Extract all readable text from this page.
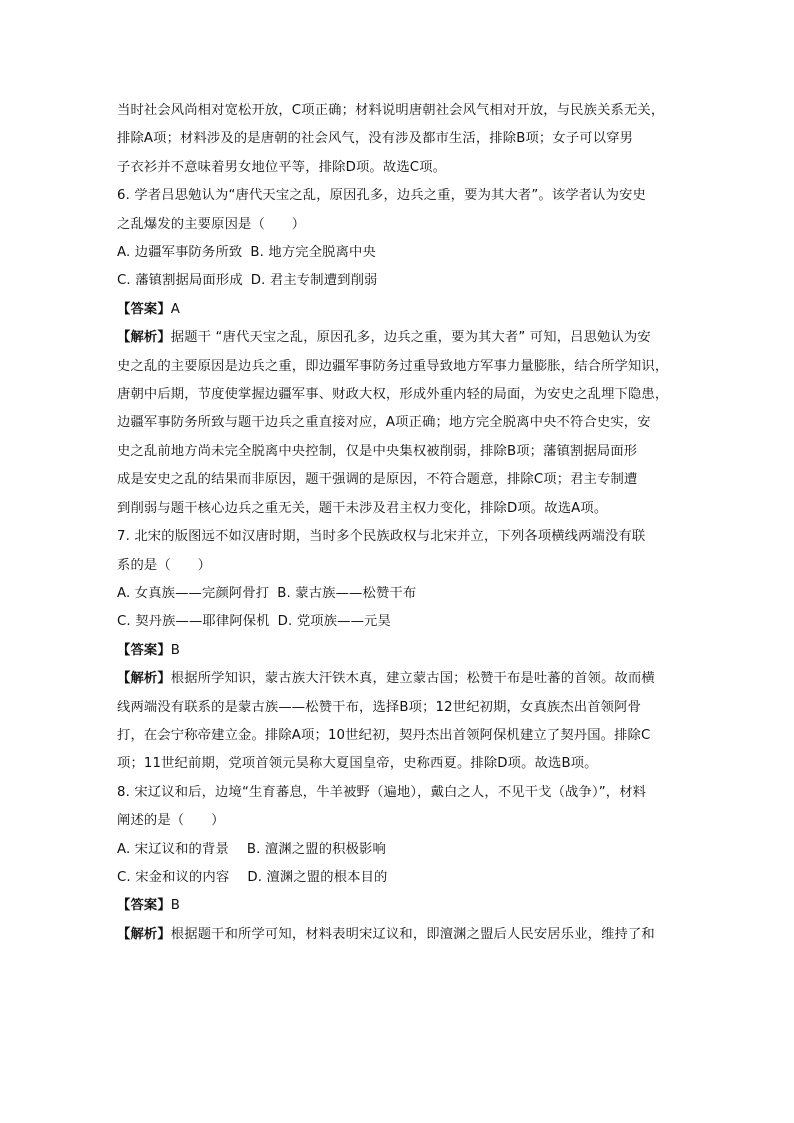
当时社会风尚相对宽松开放，C项正确；材料说明唐朝社会风气相对开放，与民族关系无关，
排除A项；材料涉及的是唐朝的社会风气，没有涉及都市生活，排除B项；女子可以穿男
子衣衫并不意味着男女地位平等，排除D项。故选C项。
6. 学者吕思勉认为“唐代天宝之乱，原因孔多，边兵之重，要为其大者”。该学者认为安史
之乱爆发的主要原因是（　　）
A. 边疆军事防务所致 B. 地方完全脱离中央
C. 藩镇割据局面形成 D. 君主专制遭到削弱
【答案】A
【解析】据题干 “唐代天宝之乱，原因孔多，边兵之重，要为其大者” 可知，吕思勉认为安
史之乱的主要原因是边兵之重，即边疆军事防务过重导致地方军事力量膨胀，结合所学知识，
唐朝中后期，节度使掌握边疆军事、财政大权，形成外重内轻的局面，为安史之乱埋下隐患，
边疆军事防务所致与题干边兵之重直接对应，A项正确；地方完全脱离中央不符合史实，安
史之乱前地方尚未完全脱离中央控制，仅是中央集权被削弱，排除B项；藩镇割据局面形
成是安史之乱的结果而非原因，题干强调的是原因，不符合题意，排除C项；君主专制遭
到削弱与题干核心边兵之重无关，题干未涉及君主权力变化，排除D项。故选A项。
7. 北宋的版图远不如汉唐时期，当时多个民族政权与北宋并立，下列各项横线两端没有联
系的是（　　）
A. 女真族——完颜阿骨打 B. 蒙古族——松赞干布
C. 契丹族——耶律阿保机 D. 党项族——元昊
【答案】B
【解析】根据所学知识，蒙古族大汗铁木真，建立蒙古国；松赞干布是吐蕃的首领。故而横
线两端没有联系的是蒙古族——松赞干布，选择B项；12世纪初期，女真族杰出首领阿骨
打，在会宁称帝建立金。排除A项；10世纪初，契丹杰出首领阿保机建立了契丹国。排除C
项；11世纪前期，党项首领元昊称大夏国皇帝，史称西夏。排除D项。故选B项。
8. 宋辽议和后，边境“生育蕃息，牛羊被野（遍地），戴白之人，不见干戈（战争）”，材料
阐述的是（　　）
A. 宋辽议和的背景 B. 澶渊之盟的积极影响
C. 宋金和议的内容 D. 澶渊之盟的根本目的
【答案】B
【解析】根据题干和所学可知，材料表明宋辽议和，即澶渊之盟后人民安居乐业，维持了和
